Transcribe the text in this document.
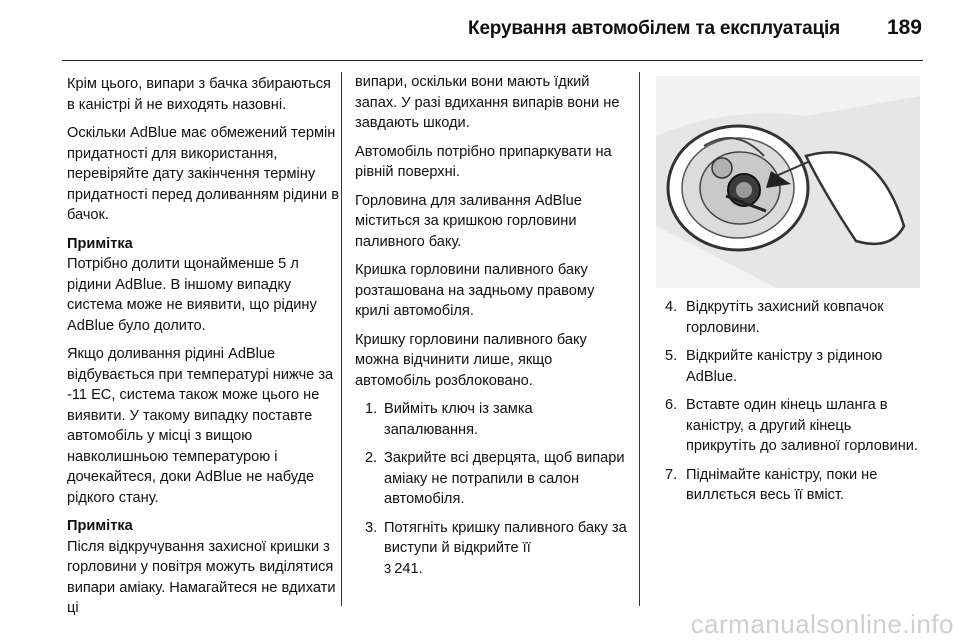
Керування автомобілем та експлуатація 189

Крім цього, випари з бачка збираються в каністрі й не виходять назовні.

Оскільки AdBlue має обмежений термін придатності для використання, перевіряйте дату закінчення терміну придатності перед доливанням рідини в бачок.

Примітка

Потрібно долити щонайменше 5 л рідини AdBlue. В іншому випадку система може не виявити, що рідину AdBlue було долито.

Якщо доливання рідині AdBlue відбувається при температурі нижче за -11 ЕС, система також може цього не виявити. У такому випадку поставте автомобіль у місці з вищою навколишньою температурою і дочекайтеся, доки AdBlue не набуде рідкого стану.

Примітка

Після відкручування захисної кришки з горловини у повітря можуть виділятися випари аміаку. Намагайтеся не вдихати ці

випари, оскільки вони мають їдкий запах. У разі вдихання випарів вони не завдають шкоди.

Автомобіль потрібно припаркувати на рівній поверхні.

Горловина для заливання AdBlue міститься за кришкою горловини паливного баку.

Кришка горловини паливного баку розташована на задньому правому крилі автомобіля.

Кришку горловини паливного баку можна відчинити лише, якщо автомобіль розблоковано.

1. Вийміть ключ із замка запалювання.
2. Закрийте всі дверцята, щоб випари аміаку не потрапили в салон автомобіля.
3. Потягніть кришку паливного баку за виступи й відкрийте її
3 241.
4. Відкрутіть захисний ковпачок горловини.
5. Відкрийте каністру з рідиною AdBlue.
6. Вставте один кінець шланга в каністру, а другий кінець прикрутіть до заливної горловини.
7. Піднімайте каністру, поки не виллється весь її вміст.
carmanualsonline.info
